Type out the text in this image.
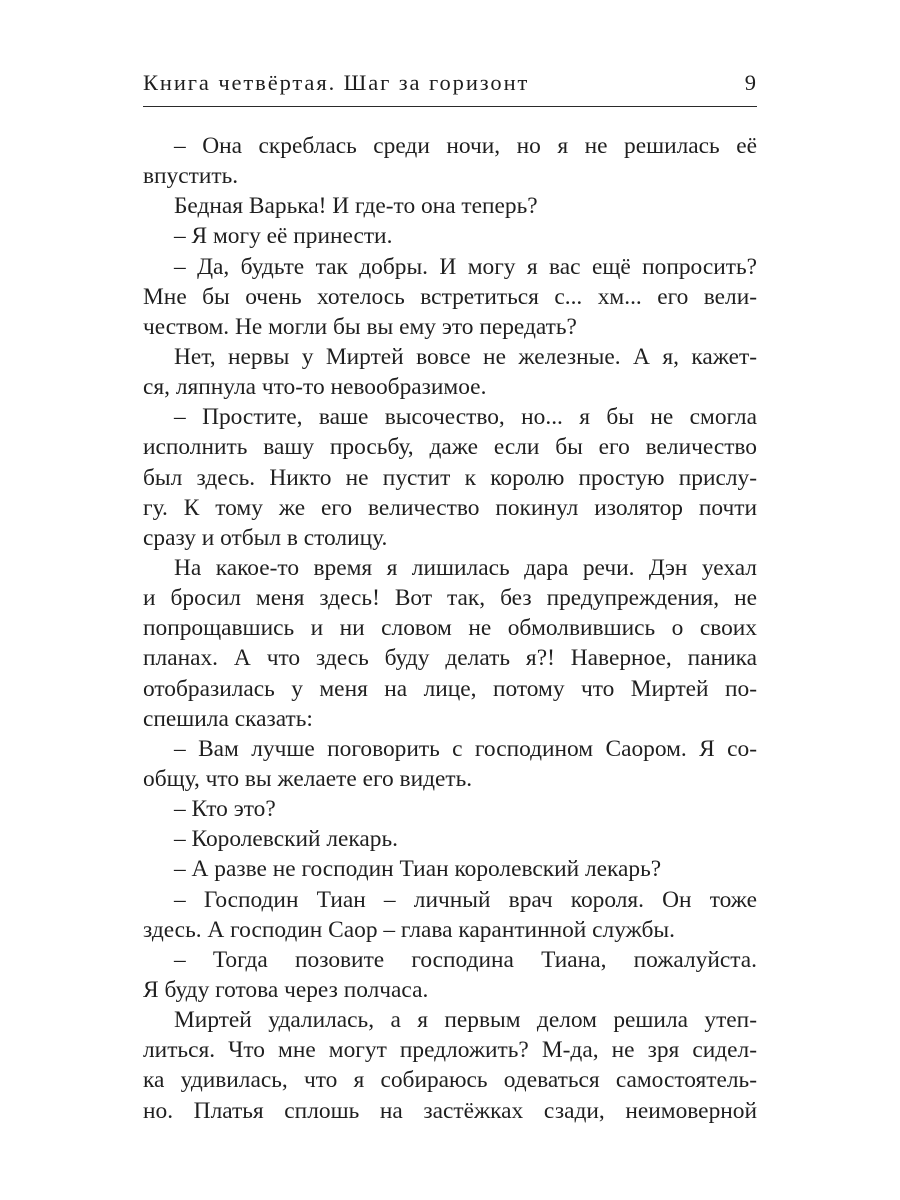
Книга четвёртая. Шаг за горизонт	9
– Она скреблась среди ночи, но я не решилась её
впустить.
Бедная Варька! И где-то она теперь?
– Я могу её принести.
– Да, будьте так добры. И могу я вас ещё попросить?
Мне бы очень хотелось встретиться с... хм... его вели-
чеством. Не могли бы вы ему это передать?
Нет, нервы у Миртей вовсе не железные. А я, кажет-
ся, ляпнула что-то невообразимое.
– Простите, ваше высочество, но... я бы не смогла
исполнить вашу просьбу, даже если бы его величество
был здесь. Никто не пустит к королю простую прислу-
гу. К тому же его величество покинул изолятор почти
сразу и отбыл в столицу.
На какое-то время я лишилась дара речи. Дэн уехал
и бросил меня здесь! Вот так, без предупреждения, не
попрощавшись и ни словом не обмолвившись о своих
планах. А что здесь буду делать я?! Наверное, паника
отобразилась у меня на лице, потому что Миртей по-
спешила сказать:
– Вам лучше поговорить с господином Саором. Я со-
общу, что вы желаете его видеть.
– Кто это?
– Королевский лекарь.
– А разве не господин Тиан королевский лекарь?
– Господин Тиан – личный врач короля. Он тоже
здесь. А господин Саор – глава карантинной службы.
– Тогда позовите господина Тиана, пожалуйста.
Я буду готова через полчаса.
Миртей удалилась, а я первым делом решила утеп-
литься. Что мне могут предложить? М-да, не зря сидел-
ка удивилась, что я собираюсь одеваться самостоятель-
но. Платья сплошь на застёжках сзади, неимоверной
